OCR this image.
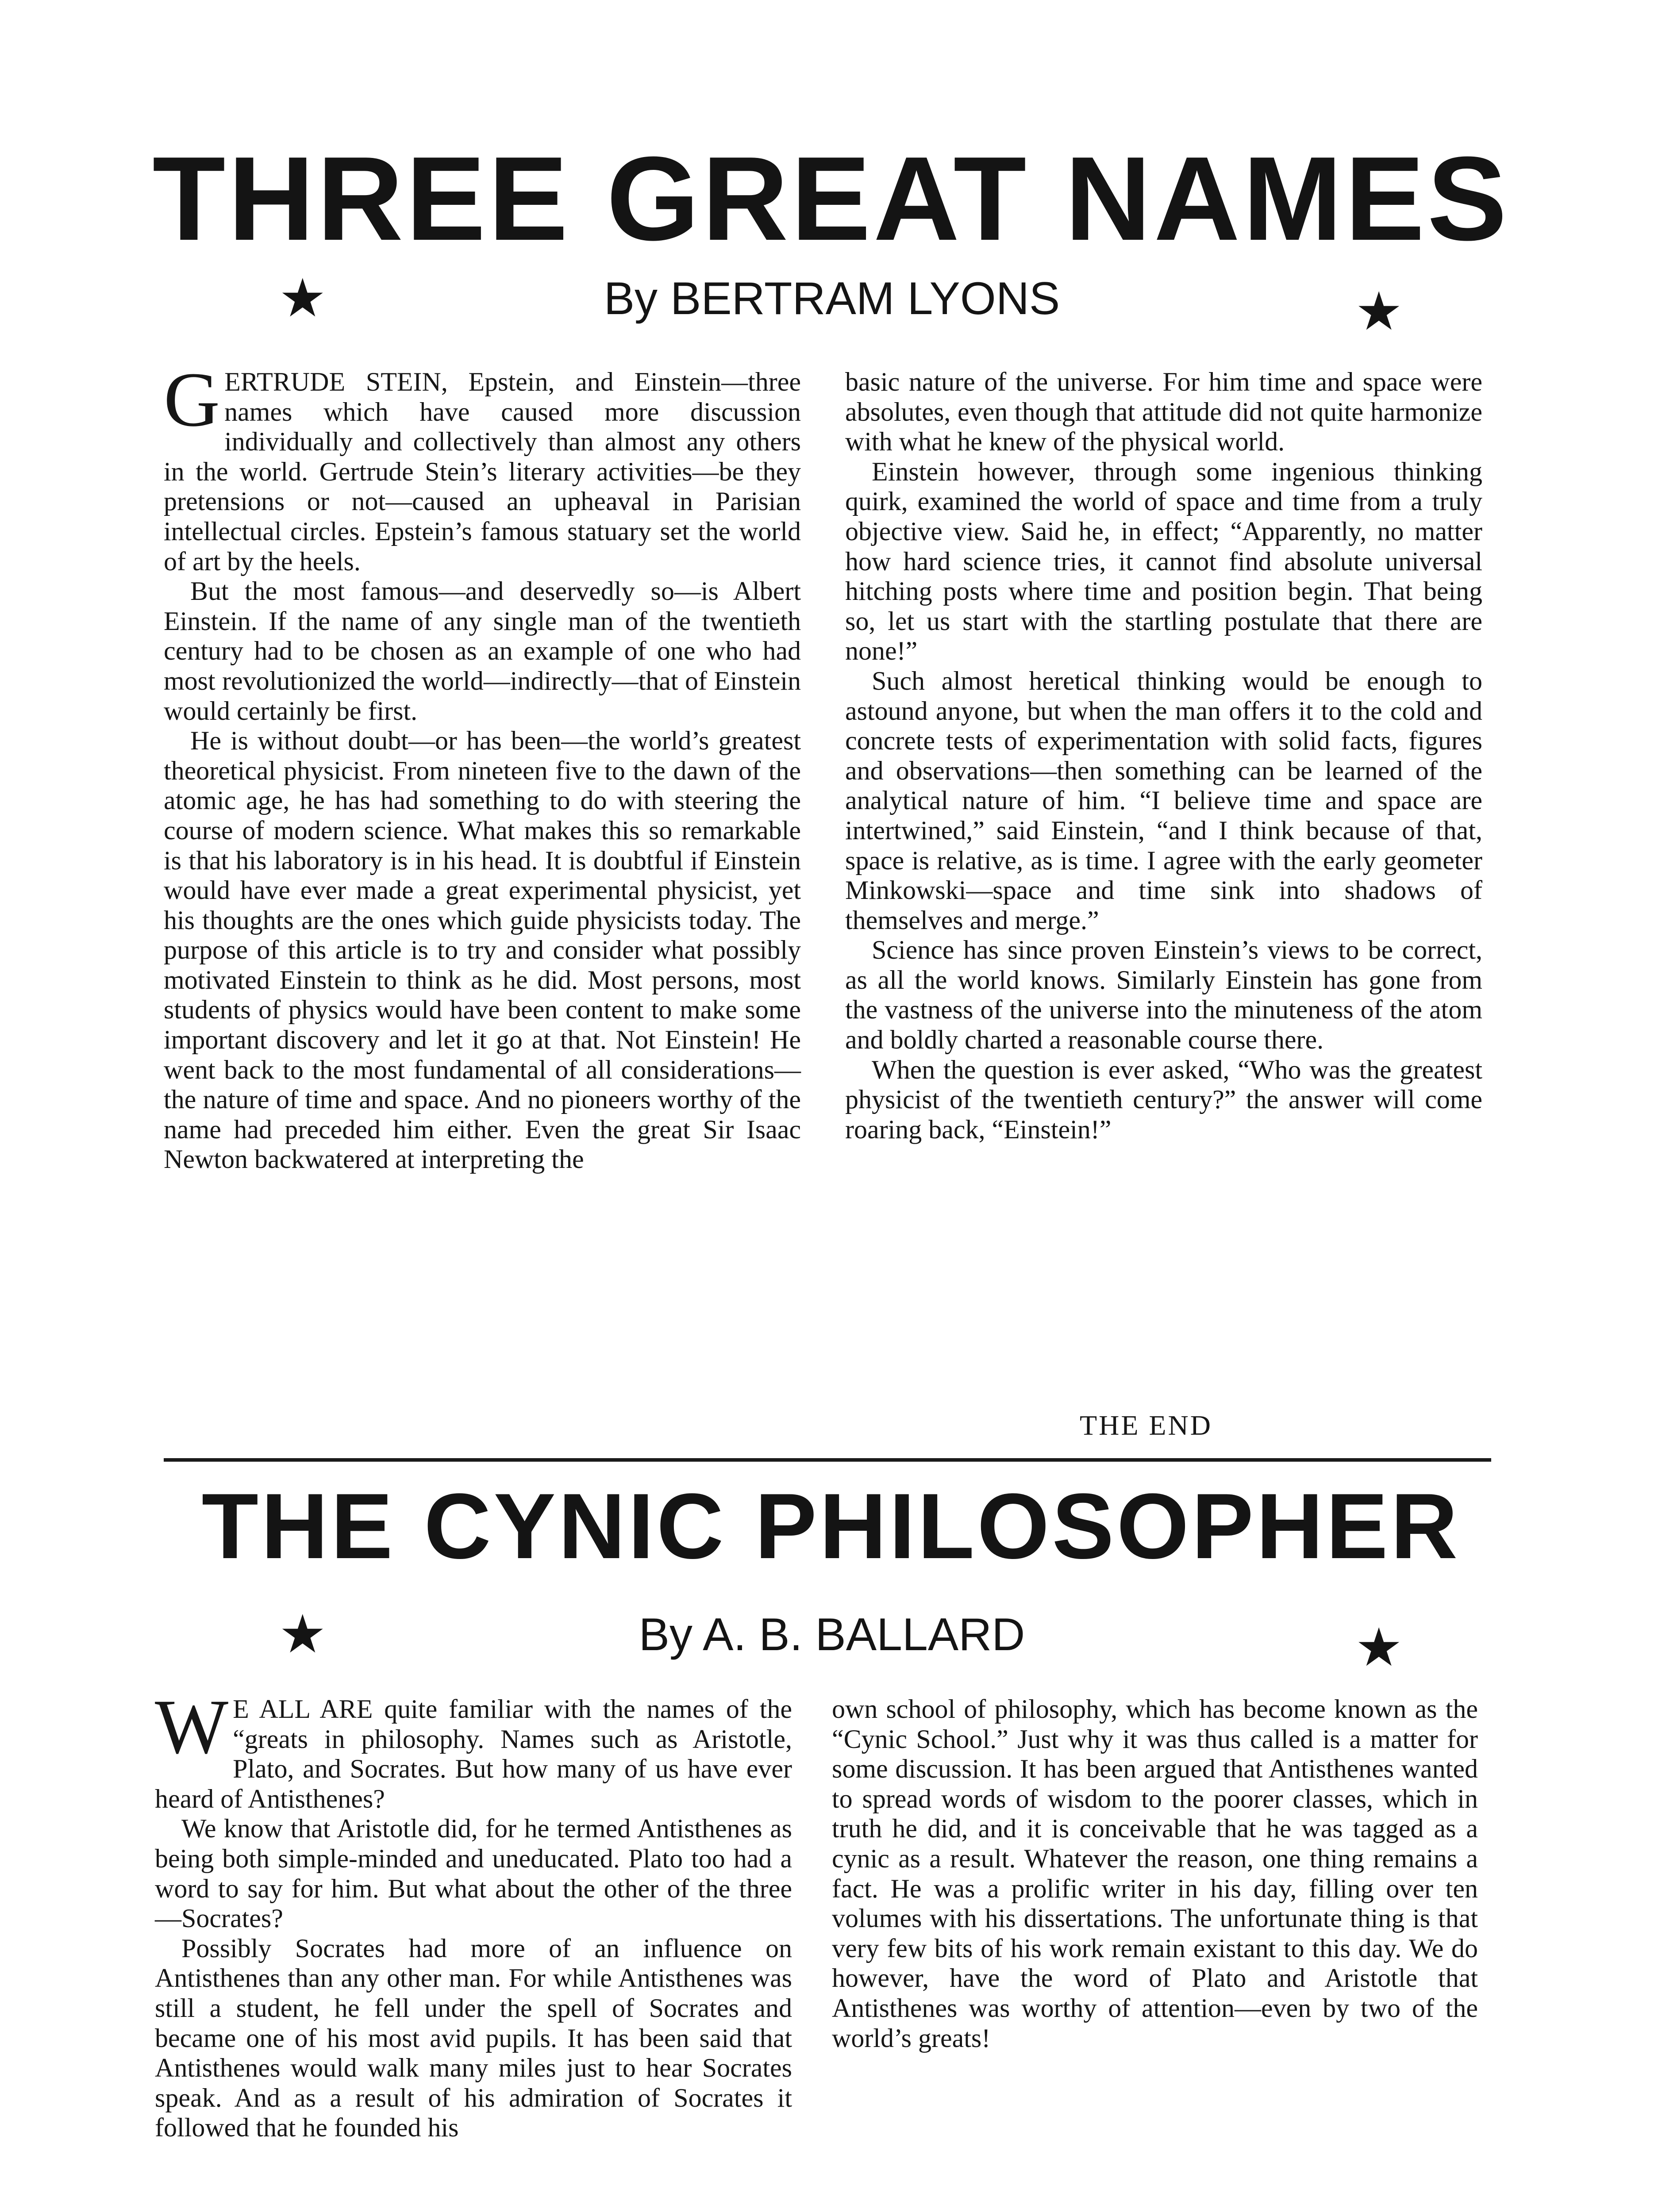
THREE GREAT NAMES
★	By BERTRAM LYONS	★

GERTRUDE STEIN, Epstein, and Einstein—three names which have caused more discussion individually and collectively than almost any others in the world. Gertrude Stein’s literary activities—be they pretensions or not—caused an upheaval in Parisian intellectual circles. Epstein’s famous statuary set the world of art by the heels.

But the most famous—and deservedly so—is Albert Einstein. If the name of any single man of the twentieth century had to be chosen as an example of one who had most revolutionized the world—indirectly—that of Einstein would certainly be first.

He is without doubt—or has been—the world’s greatest theoretical physicist. From nineteen five to the dawn of the atomic age, he has had something to do with steering the course of modern science. What makes this so remarkable is that his laboratory is in his head. It is doubtful if Einstein would have ever made a great experimental physicist, yet his thoughts are the ones which guide physicists today. The purpose of this article is to try and consider what possibly motivated Einstein to think as he did. Most persons, most students of physics would have been content to make some important discovery and let it go at that. Not Einstein! He went back to the most fundamental of all considerations—the nature of time and space. And no pioneers worthy of the name had preceded him either. Even the great Sir Isaac Newton backwatered at interpreting the

basic nature of the universe. For him time and space were absolutes, even though that attitude did not quite harmonize with what he knew of the physical world.

Einstein however, through some ingenious thinking quirk, examined the world of space and time from a truly objective view. Said he, in effect; “Apparently, no matter how hard science tries, it cannot find absolute universal hitching posts where time and position begin. That being so, let us start with the startling postulate that there are none!”

Such almost heretical thinking would be enough to astound anyone, but when the man offers it to the cold and concrete tests of experimentation with solid facts, figures and observations—then something can be learned of the analytical nature of him. “I believe time and space are intertwined,” said Einstein, “and I think because of that, space is relative, as is time. I agree with the early geometer Minkowski—space and time sink into shadows of themselves and merge.”

Science has since proven Einstein’s views to be correct, as all the world knows. Similarly Einstein has gone from the vastness of the universe into the minuteness of the atom and boldly charted a reasonable course there.

When the question is ever asked, “Who was the greatest physicist of the twentieth century?” the answer will come roaring back, “Einstein!”

THE END
THE CYNIC PHILOSOPHER
★	By A. B. BALLARD	★

W E ALL ARE quite familiar with the names of the “greats in philosophy. Names such as Aristotle, Plato, and Socrates. But how many of us have ever heard of Antisthenes?

We know that Aristotle did, for he termed Antisthenes as being both simple-minded and uneducated. Plato too had a word to say for him. But what about the other of the three—Socrates?

Possibly Socrates had more of an influence on Antisthenes than any other man. For while Antisthenes was still a student, he fell under the spell of Socrates and became one of his most avid pupils. It has been said that Antisthenes would walk many miles just to hear Socrates speak. And as a result of his admiration of Socrates it followed that he founded his

own school of philosophy, which has become known as the “Cynic School.” Just why it was thus called is a matter for some discussion. It has been argued that Antisthenes wanted to spread words of wisdom to the poorer classes, which in truth he did, and it is conceivable that he was tagged as a cynic as a result. Whatever the reason, one thing remains a fact. He was a prolific writer in his day, filling over ten volumes with his dissertations. The unfortunate thing is that very few bits of his work remain existant to this day. We do however, have the word of Plato and Aristotle that Antisthenes was worthy of attention—even by two of the world’s greats!
